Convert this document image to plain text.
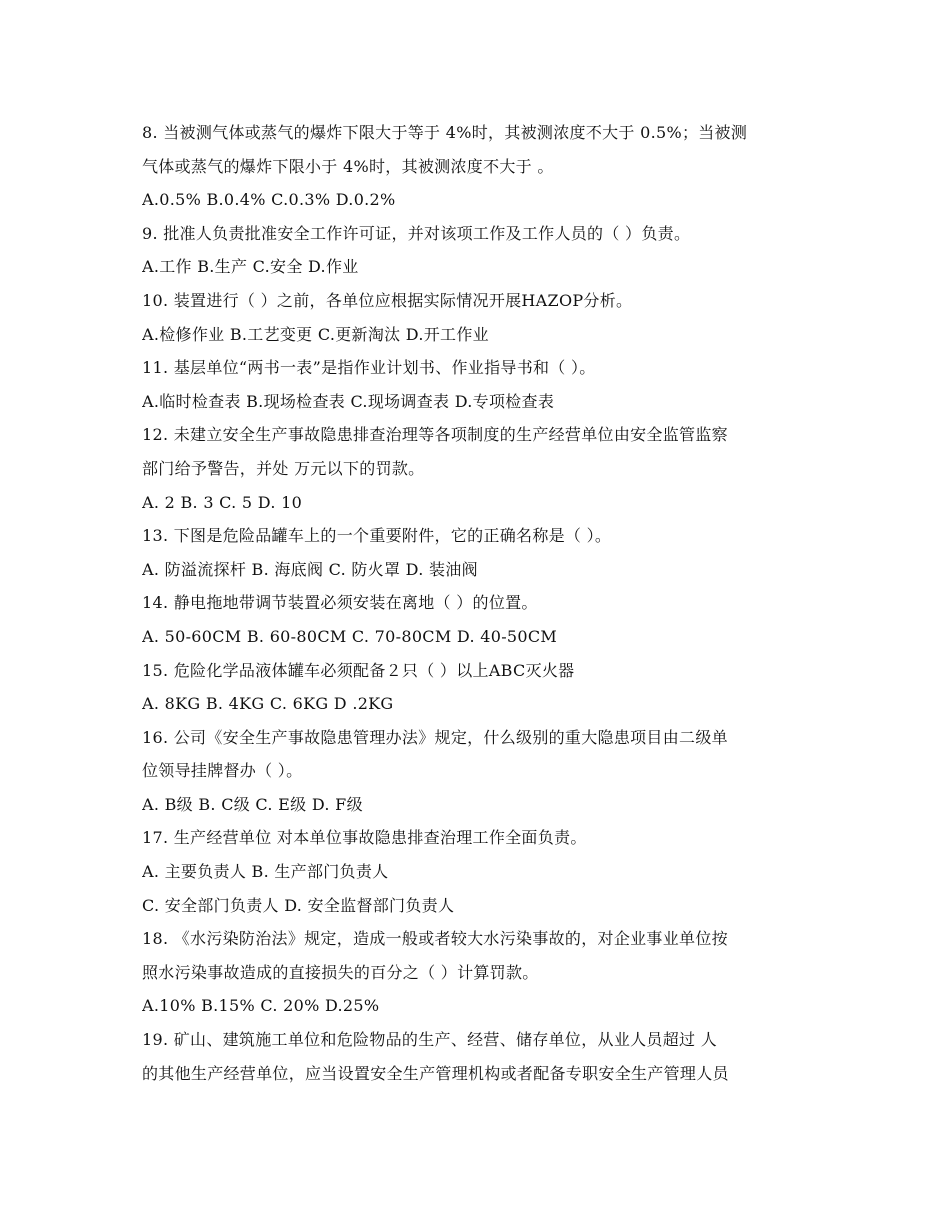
8. 当被测气体或蒸气的爆炸下限大于等于 4%时，其被测浓度不大于 0.5%；当被测
气体或蒸气的爆炸下限小于 4%时，其被测浓度不大于 。
A.0.5% B.0.4% C.0.3% D.0.2%
9. 批准人负责批准安全工作许可证，并对该项工作及工作人员的（ ）负责。
A.工作 B.生产 C.安全 D.作业
10. 装置进行（ ）之前，各单位应根据实际情况开展HAZOP分析。
A.检修作业 B.工艺变更 C.更新淘汰 D.开工作业
11. 基层单位“两书一表”是指作业计划书、作业指导书和（ ）。
A.临时检查表 B.现场检查表 C.现场调查表 D.专项检查表
12. 未建立安全生产事故隐患排查治理等各项制度的生产经营单位由安全监管监察
部门给予警告，并处 万元以下的罚款。
A. 2 B. 3 C. 5 D. 10
13. 下图是危险品罐车上的一个重要附件，它的正确名称是（ ）。
A. 防溢流探杆 B. 海底阀 C. 防火罩 D. 装油阀
14. 静电拖地带调节装置必须安装在离地（ ）的位置。
A. 50-60CM B. 60-80CM C. 70-80CM D. 40-50CM
15. 危险化学品液体罐车必须配备２只（ ）以上ABC灭火器
A. 8KG B. 4KG C. 6KG D .2KG
16. 公司《安全生产事故隐患管理办法》规定，什么级别的重大隐患项目由二级单
位领导挂牌督办（ ）。
A. B级 B. C级 C. E级 D. F级
17. 生产经营单位 对本单位事故隐患排查治理工作全面负责。
A. 主要负责人 B. 生产部门负责人
C. 安全部门负责人 D. 安全监督部门负责人
18. 《水污染防治法》规定，造成一般或者较大水污染事故的，对企业事业单位按
照水污染事故造成的直接损失的百分之（ ）计算罚款。
A.10% B.15% C. 20% D.25%
19. 矿山、建筑施工单位和危险物品的生产、经营、储存单位，从业人员超过 人
的其他生产经营单位，应当设置安全生产管理机构或者配备专职安全生产管理人员
